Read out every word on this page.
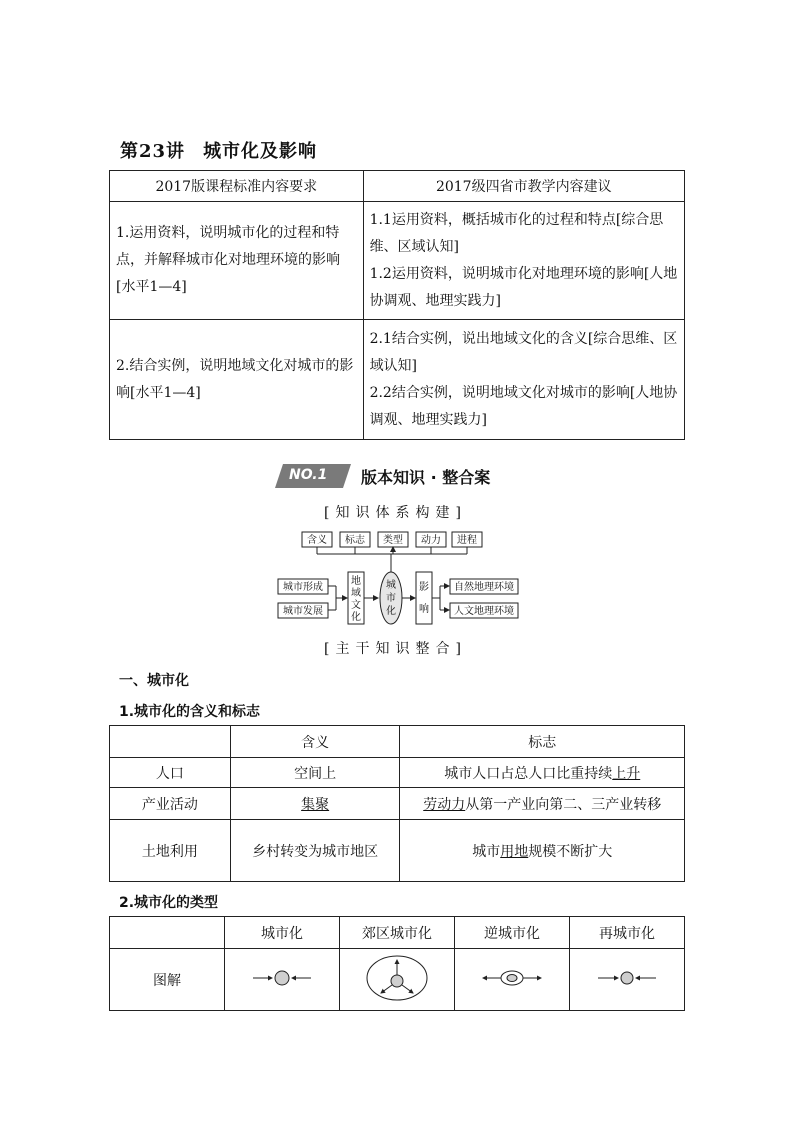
第23讲 城市化及影响
2017版课程标准内容要求	2017级四省市教学内容建议
1.运用资料，说明城市化的过程和特点，并解释城市化对地理环境的影响[水平1—4]	1.1运用资料，概括城市化的过程和特点[综合思维、区域认知]
1.2运用资料，说明城市化对地理环境的影响[人地协调观、地理实践力]

2.结合实例，说明地域文化对城市的影响[水平1—4]	2.1结合实例，说出地域文化的含义[综合思维、区域认知]
2.2结合实例，说明地域文化对城市的影响[人地协调观、地理实践力]
NO.1 版本知识 · 整合案
[知识体系构建]
含义 标志 类型 动力 进程
城市形成
城市发展
地
域
文
化
城
市
化
影
响
自然地理环境
人文地理环境
[主干知识整合]
一、城市化
1.城市化的含义和标志
	含义	标志
人口	空间上	城市人口占总人口比重持续上升
产业活动	集聚	劳动力从第一产业向第二、三产业转移
土地利用	乡村转变为城市地区	城市用地规模不断扩大
2.城市化的类型
	城市化	郊区城市化	逆城市化	再城市化
图解				
